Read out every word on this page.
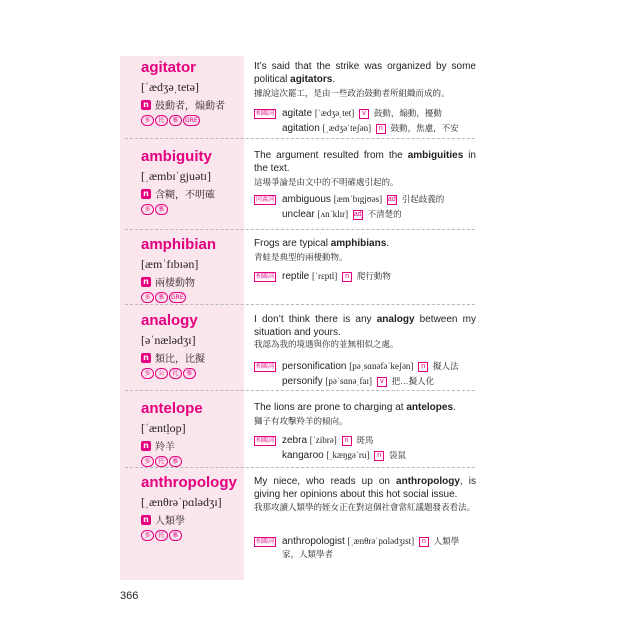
agitator
[ˈædʒəˌtetə]
n 鼓動者，煽動者
多	托	雅	GRE
It’s said that the strike was organized by some political agitators.
據說這次罷工，是由一些政治鼓動者所組織而成的。
相關詞 agitate [ˈædʒəˌtet] v 鼓動，煽動，擾動
agitation [ˌædʒəˈteʃən] n 鼓動，焦慮，不安
ambiguity
[ˌæmbɪˈgjuətɪ]
n 含糊，不明確
多	雅
The argument resulted from the ambiguities in the text.
這場爭論是由文中的不明確處引起的。
同義詞 ambiguous [æmˈbɪgjʊəs] adj 引起歧義的
unclear [ʌnˈklɪr] adj 不清楚的
amphibian
[æmˈfɪbɪən]
n 兩棲動物
多	雅	GRE
Frogs are typical amphibians.
青蛙是典型的兩棲動物。
相關詞 reptile [ˈrɛptl] n 爬行動物
analogy
[əˈnælədʒɪ]
n 類比，比擬
多	公	托	雅
I don’t think there is any analogy between my situation and yours.
我認為我的境遇與你的並無相似之處。
相關詞 personification [pəˌsɑnəfəˈkeʃən] n 擬人法
personify [pəˈsɑnəˌfaɪ] v 把…擬人化
antelope
[ˈæntḷop]
n 羚羊
多	托	雅
The lions are prone to charging at antelopes.
獅子有攻擊羚羊的傾向。
相關詞 zebra [ˈzibrə] n 斑馬
kangaroo [ˌkæŋgəˈru] n 袋鼠
anthropology
[ˌænθrəˈpɑlədʒɪ]
n 人類學
多	托	雅
My niece, who reads up on anthropology, is giving her opinions about this hot social issue.
我那攻讀人類學的姪女正在對這個社會當紅議題發表看法。
相關詞 anthropologist [ˌænθrəˈpɑlədʒɪst] n 人類學家，人類學者
366
